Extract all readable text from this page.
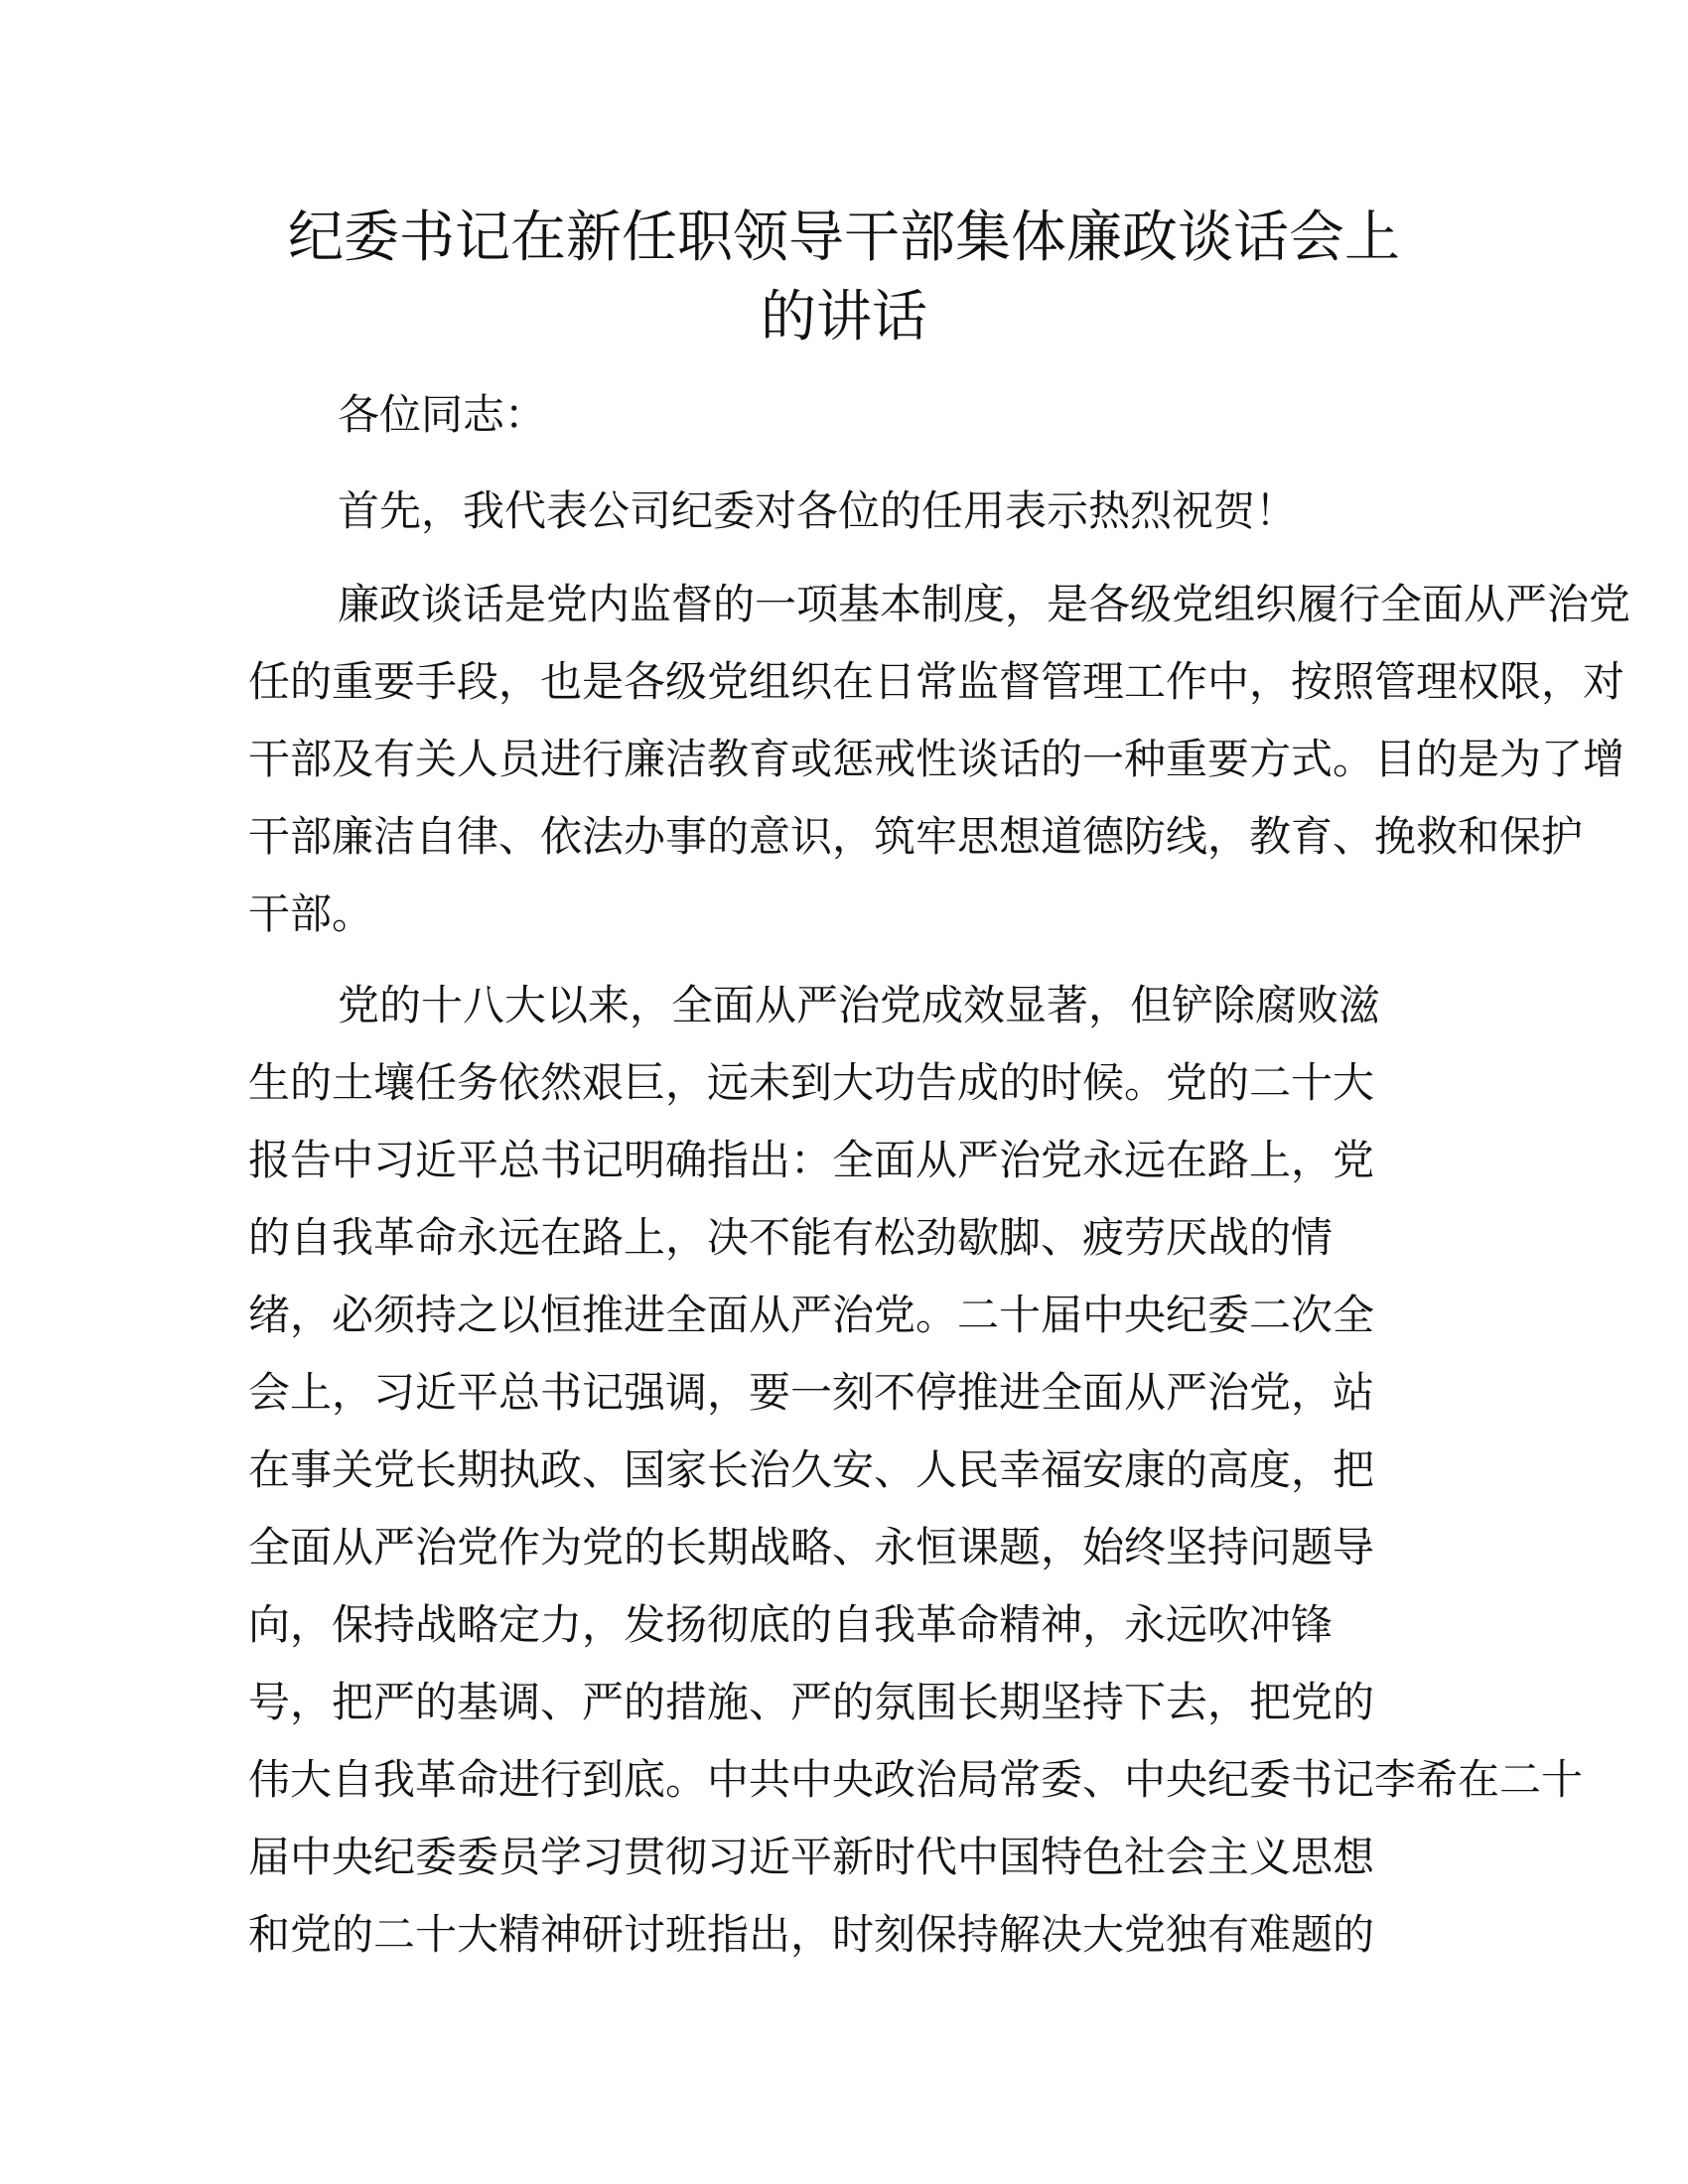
纪委书记在新任职领导干部集体廉政谈话会上
的讲话
各位同志：
首先，我代表公司纪委对各位的任用表示热烈祝贺！
廉政谈话是党内监督的一项基本制度，是各级党组织履行全面从严治党
任的重要手段，也是各级党组织在日常监督管理工作中，按照管理权限，对
干部及有关人员进行廉洁教育或惩戒性谈话的一种重要方式。目的是为了增
干部廉洁自律、依法办事的意识，筑牢思想道德防线，教育、挽救和保护
干部。
党的十八大以来，全面从严治党成效显著，但铲除腐败滋
生的土壤任务依然艰巨，远未到大功告成的时候。党的二十大
报告中习近平总书记明确指出：全面从严治党永远在路上，党
的自我革命永远在路上，决不能有松劲歇脚、疲劳厌战的情
绪，必须持之以恒推进全面从严治党。二十届中央纪委二次全
会上，习近平总书记强调，要一刻不停推进全面从严治党，站
在事关党长期执政、国家长治久安、人民幸福安康的高度，把
全面从严治党作为党的长期战略、永恒课题，始终坚持问题导
向，保持战略定力，发扬彻底的自我革命精神，永远吹冲锋
号，把严的基调、严的措施、严的氛围长期坚持下去，把党的
伟大自我革命进行到底。中共中央政治局常委、中央纪委书记李希在二十
届中央纪委委员学习贯彻习近平新时代中国特色社会主义思想
和党的二十大精神研讨班指出，时刻保持解决大党独有难题的
